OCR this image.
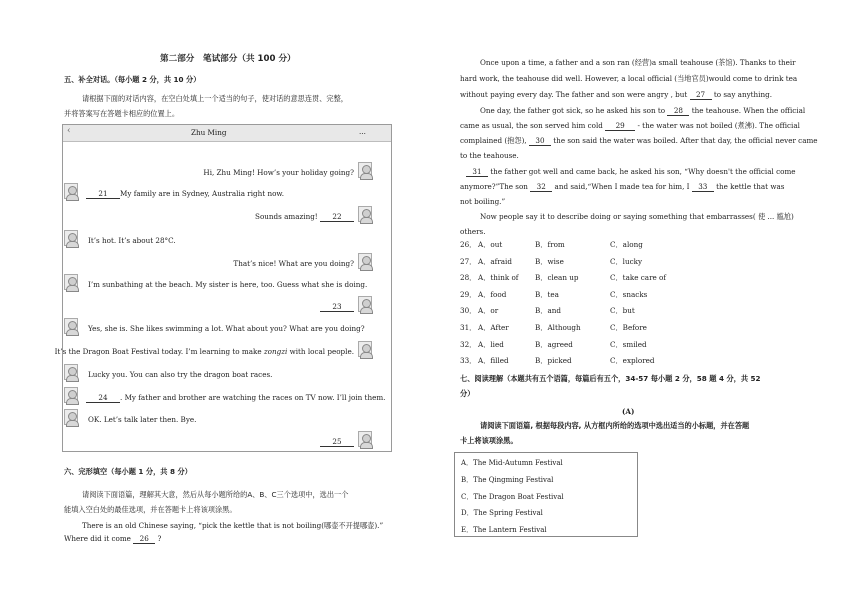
第二部分　笔试部分（共 100 分）
五、补全对话。（每小题 2 分，共 10 分）
请根据下面的对话内容，在空白处填上一个适当的句子，使对话的意思连贯、完整，
并将答案写在答题卡相应的位置上。
‹	Zhu Ming	...
Hi, Zhu Ming! How’s your holiday going?
21 My family are in Sydney, Australia right now.
Sounds amazing! 22
It’s hot. It’s about 28°C.
That’s nice! What are you doing?
I’m sunbathing at the beach. My sister is here, too. Guess what she is doing.
23
Yes, she is. She likes swimming a lot. What about you? What are you doing?
It’s the Dragon Boat Festival today. I’m learning to make zongzi with local people.
Lucky you. You can also try the dragon boat races.
24 . My father and brother are watching the races on TV now. I’ll join them.
OK. Let’s talk later then. Bye.
25
六、完形填空（每小题 1 分，共 8 分）
请阅读下面语篇，理解其大意，然后从每小题所给的A、B、C三个选项中，选出一个
能填入空白处的最佳选项，并在答题卡上将该项涂黑。
There is an old Chinese saying, “pick the kettle that is not boiling(哪壶不开提哪壶).”
Where did it come 26 ?
Once upon a time, a father and a son ran (经营)a small teahouse (茶馆). Thanks to their
hard work, the teahouse did well. However, a local official (当地官员)would come to drink tea
without paying every day. The father and son were angry , but 27 to say anything.
One day, the father got sick, so he asked his son to 28 the teahouse. When the official
came as usual, the son served him cold 29 - the water was not boiled (煮沸). The official
complained (抱怨), 30 the son said the water was boiled. After that day, the official never came
to the teahouse.
31 the father got well and came back, he asked his son, “Why doesn't the official come
anymore?”The son 32 and said,“When I made tea for him, I 33 the kettle that was
not boiling.”
Now people say it to describe doing or saying something that embarrasses( 使 ... 尴尬)
others.
26． A．out	B．from	C．along
27． A．afraid	B．wise	C．lucky
28． A．think of B．clean up	C．take care of
29． A．food	B．tea	C．snacks
30． A．or	B．and	C．but
31． A．After	B．Although	C．Before
32． A．lied	B．agreed	C．smiled
33． A．filled	B．picked	C．explored
七、阅读理解（本题共有五个语篇，每篇后有五个，34-57 每小题 2 分，58 题 4 分，共 52
分）
(A)
请阅读下面语篇, 根据每段内容, 从方框内所给的选项中选出适当的小标题，并在答题
卡上将该项涂黑。
A．The Mid-Autumn Festival
B．The Qingming Festival
C．The Dragon Boat Festival
D．The Spring Festival
E．The Lantern Festival
